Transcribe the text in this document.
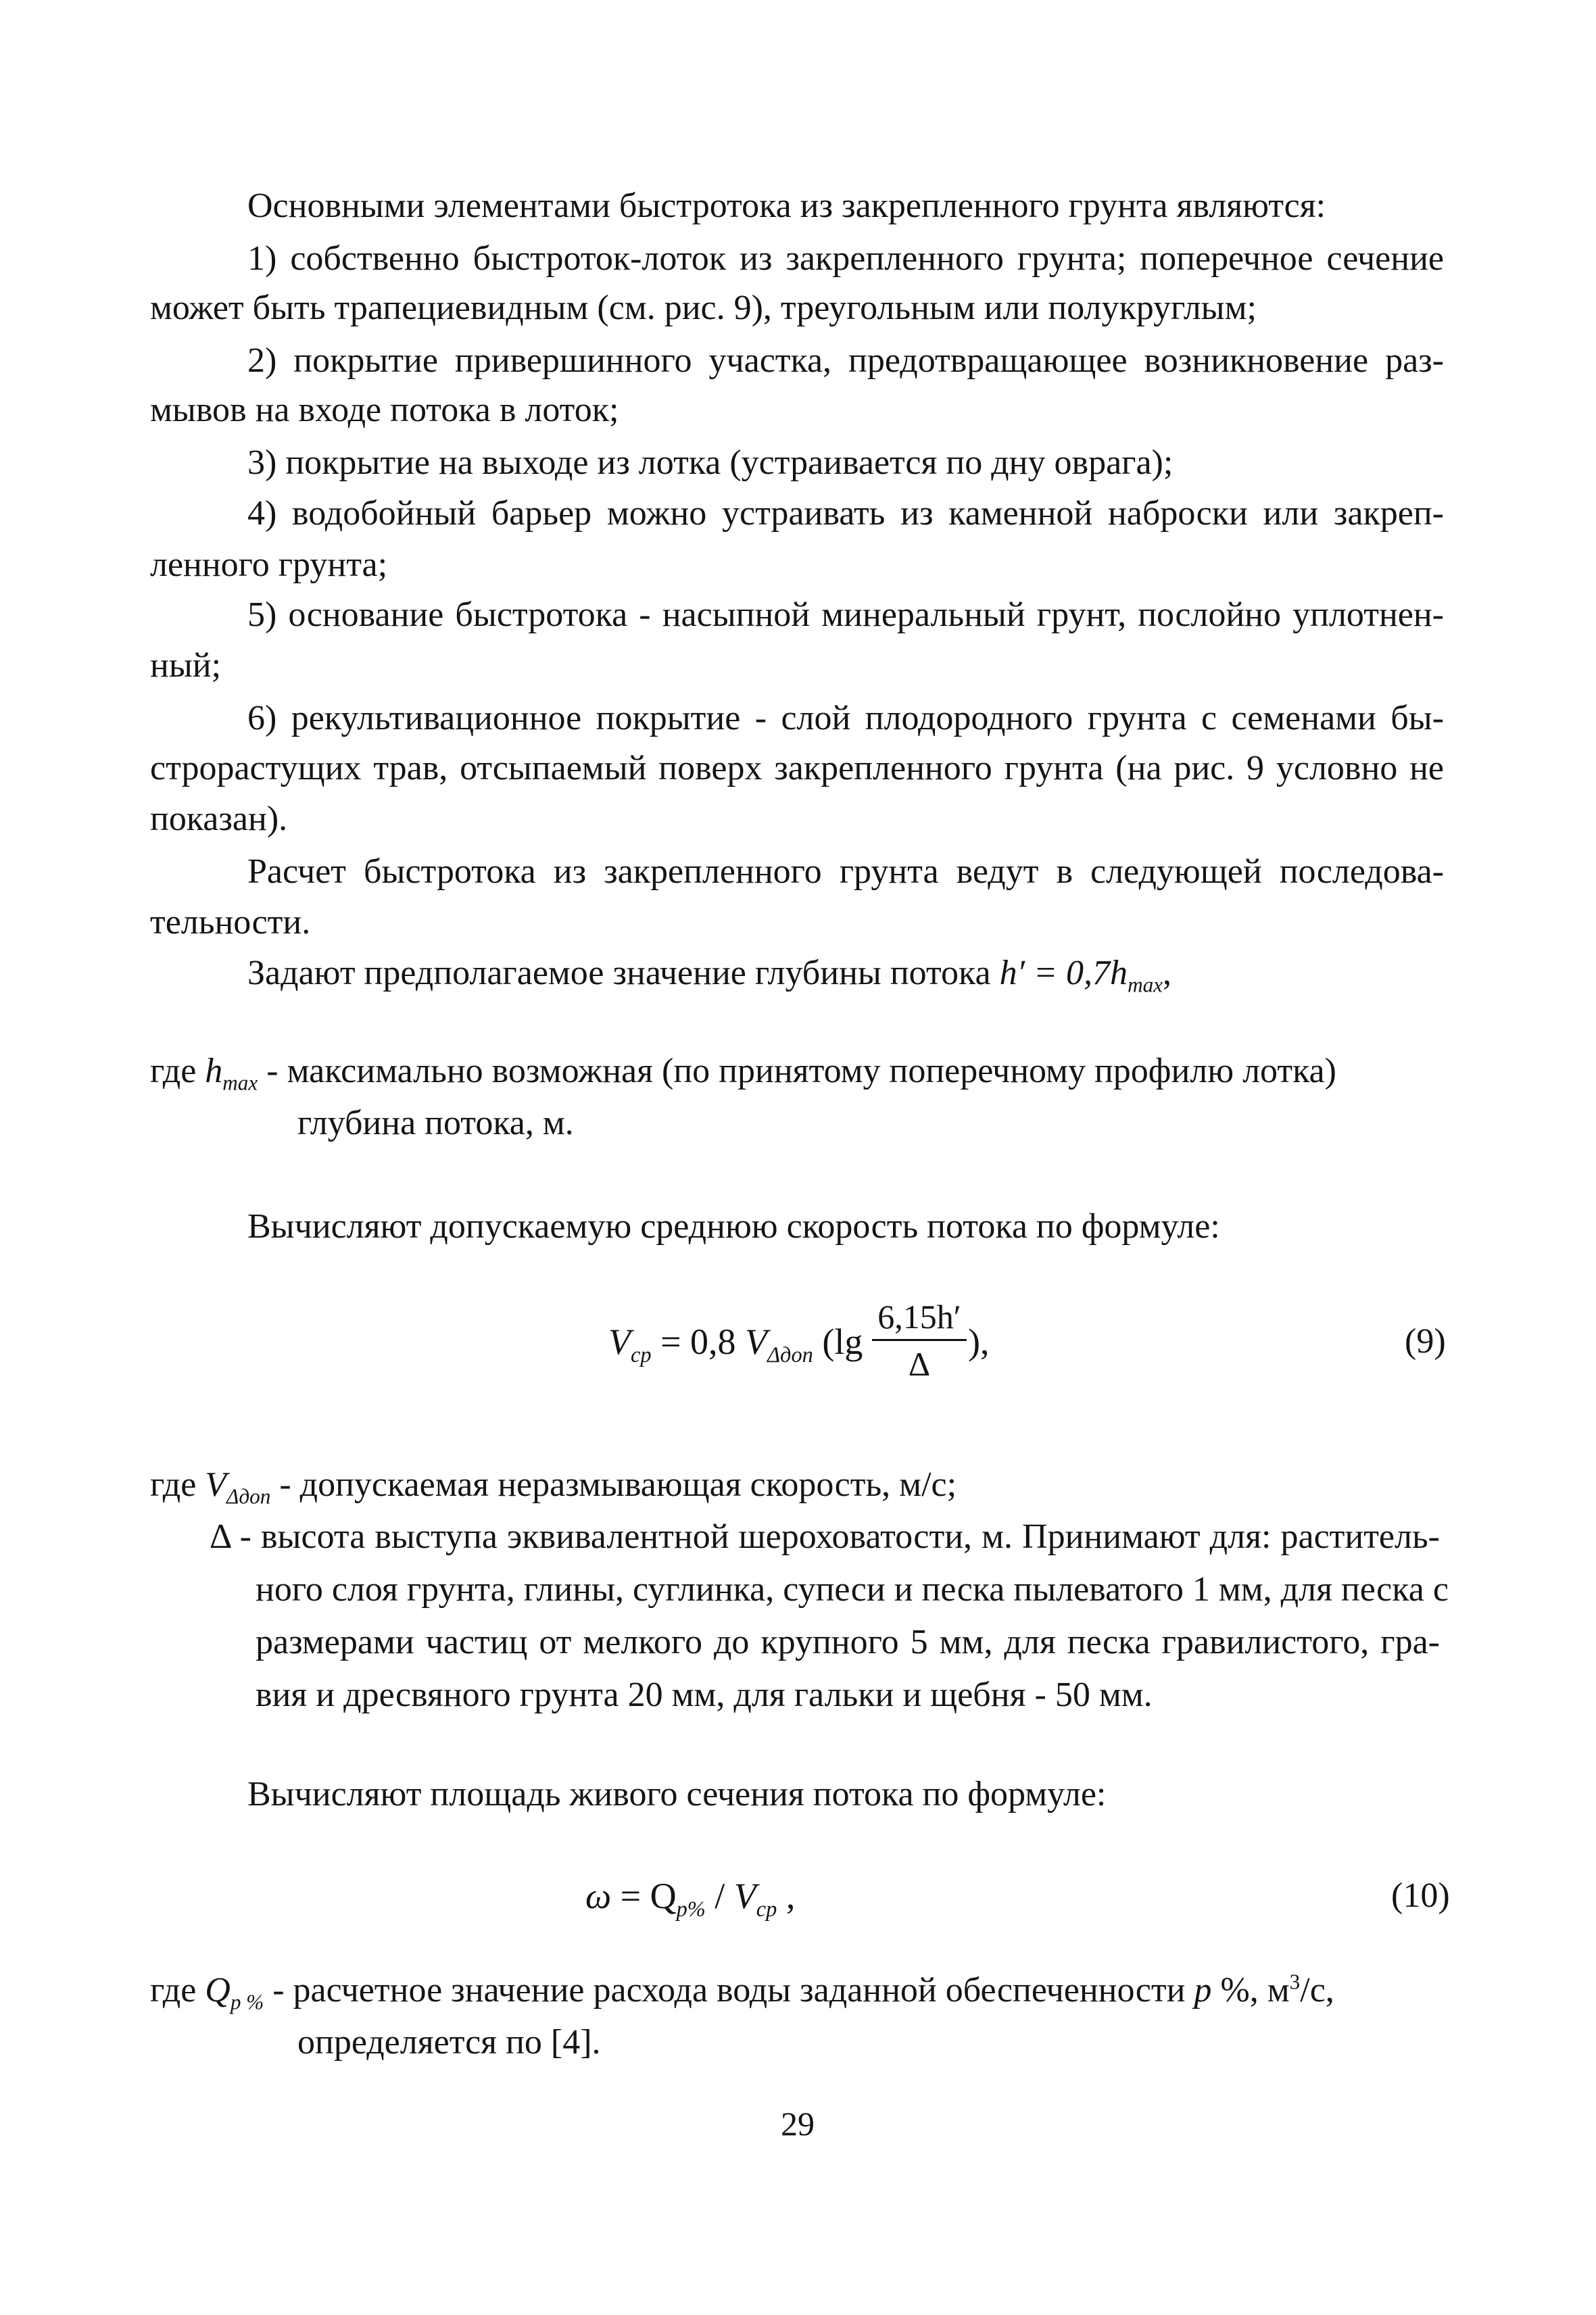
Основными элементами быстротока из закрепленного грунта являются:
1) собственно быстроток-лоток из закрепленного грунта; поперечное сечение
может быть трапециевидным (см. рис. 9), треугольным или полукруглым;
2) покрытие привершинного участка, предотвращающее возникновение раз-
мывов на входе потока в лоток;
3) покрытие на выходе из лотка (устраивается по дну оврага);
4) водобойный барьер можно устраивать из каменной наброски или закреп-
ленного грунта;
5) основание быстротока - насыпной минеральный грунт, послойно уплотнен-
ный;
6) рекультивационное покрытие - слой плодородного грунта с семенами бы-
строрастущих трав, отсыпаемый поверх закрепленного грунта (на рис. 9 условно не
показан).
Расчет быстротока из закрепленного грунта ведут в следующей последова-
тельности.
Задают предполагаемое значение глубины потока $h' = 0,7h_{max}$,
где $h_{max}$ - максимально возможная (по принятому поперечному профилю лотка)
глубина потока, м.
Вычисляют допускаемую среднюю скорость потока по формуле:
$V_{ср} = 0,8$ $V_{\Delta доп}$ (lg
6,15h′
Δ
),	(9)
где $V_{\Delta доп}$ - допускаемая неразмывающая скорость, м/с;
Δ - высота выступа эквивалентной шероховатости, м. Принимают для: раститель-
ного слоя грунта, глины, суглинка, супеси и песка пылеватого 1 мм, для песка с
размерами частиц от мелкого до крупного 5 мм, для песка гравилистого, гра-
вия и дресвяного грунта 20 мм, для гальки и щебня - 50 мм.
Вычисляют площадь живого сечения потока по формуле:
$\omega = Q_{p\%} / V_{ср}$ ,	(10)
где $Q_{p \%}$ - расчетное значение расхода воды заданной обеспеченности p %, $м^3/с$,
определяется по [4].
29
